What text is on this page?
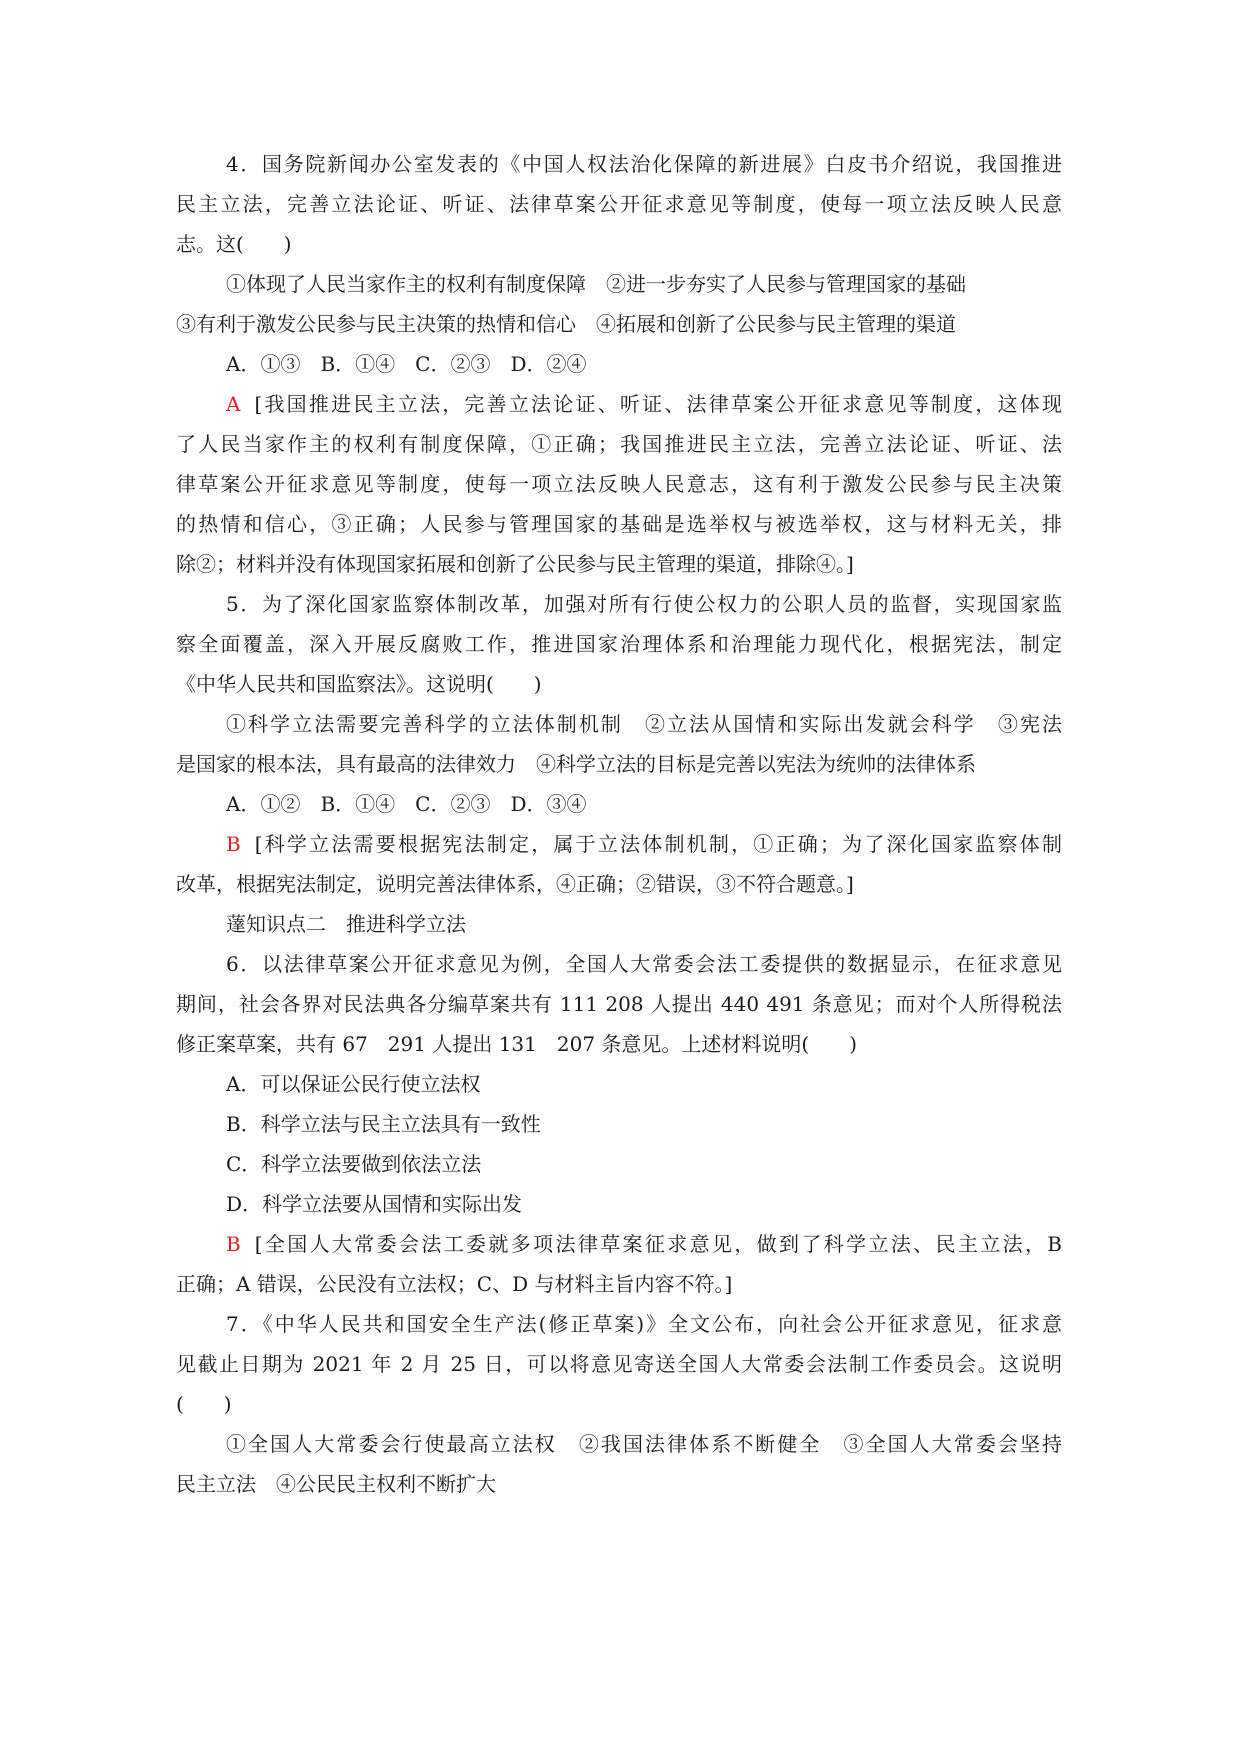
4．国务院新闻办公室发表的《中国人权法治化保障的新进展》白皮书介绍说，我国推进
民主立法，完善立法论证、听证、法律草案公开征求意见等制度，使每一项立法反映人民意
志。这(　　)
①体现了人民当家作主的权利有制度保障　②进一步夯实了人民参与管理国家的基础
③有利于激发公民参与民主决策的热情和信心　④拓展和创新了公民参与民主管理的渠道
A．①③　B．①④　C．②③　D．②④
A [我国推进民主立法，完善立法论证、听证、法律草案公开征求意见等制度，这体现
了人民当家作主的权利有制度保障，①正确；我国推进民主立法，完善立法论证、听证、法
律草案公开征求意见等制度，使每一项立法反映人民意志，这有利于激发公民参与民主决策
的热情和信心，③正确；人民参与管理国家的基础是选举权与被选举权，这与材料无关，排
除②；材料并没有体现国家拓展和创新了公民参与民主管理的渠道，排除④。]
5．为了深化国家监察体制改革，加强对所有行使公权力的公职人员的监督，实现国家监
察全面覆盖，深入开展反腐败工作，推进国家治理体系和治理能力现代化，根据宪法，制定
《中华人民共和国监察法》。这说明(　　)
①科学立法需要完善科学的立法体制机制　②立法从国情和实际出发就会科学　③宪法
是国家的根本法，具有最高的法律效力　④科学立法的目标是完善以宪法为统帅的法律体系
A．①②　B．①④　C．②③　D．③④
B [科学立法需要根据宪法制定，属于立法体制机制，①正确；为了深化国家监察体制
改革，根据宪法制定，说明完善法律体系，④正确；②错误，③不符合题意。]
薘知识点二　推进科学立法
6．以法律草案公开征求意见为例，全国人大常委会法工委提供的数据显示，在征求意见
期间，社会各界对民法典各分编草案共有 111 208 人提出 440 491 条意见；而对个人所得税法
修正案草案，共有 67　291 人提出 131　207 条意见。上述材料说明(　　)
A．可以保证公民行使立法权
B．科学立法与民主立法具有一致性
C．科学立法要做到依法立法
D．科学立法要从国情和实际出发
B [全国人大常委会法工委就多项法律草案征求意见，做到了科学立法、民主立法，B
正确；A 错误，公民没有立法权；C、D 与材料主旨内容不符。]
7．《中华人民共和国安全生产法(修正草案)》全文公布，向社会公开征求意见，征求意
见截止日期为 2021 年 2 月 25 日，可以将意见寄送全国人大常委会法制工作委员会。这说明
(　　)
①全国人大常委会行使最高立法权　②我国法律体系不断健全　③全国人大常委会坚持
民主立法　④公民民主权利不断扩大
